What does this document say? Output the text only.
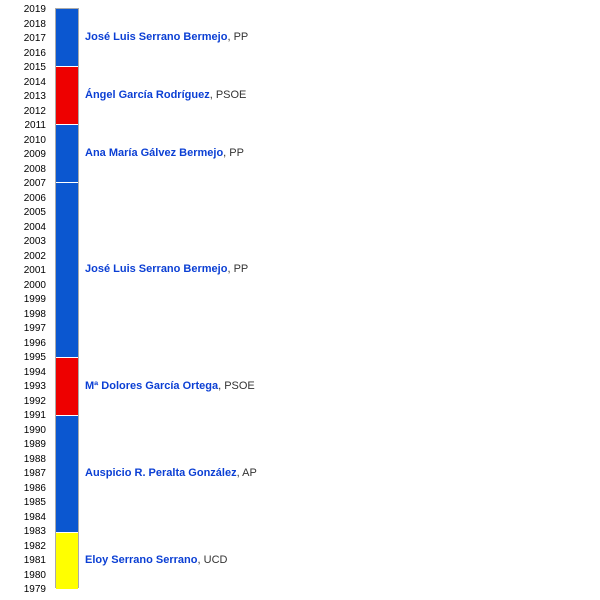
2019
2018
2017
2016
2015
2014
2013
2012
2011
2010
2009
2008
2007
2006
2005
2004
2003
2002
2001
2000
1999
1998
1997
1996
1995
1994
1993
1992
1991
1990
1989
1988
1987
1986
1985
1984
1983
1982
1981
1980
1979
José Luis Serrano Bermejo, PP
Ángel García Rodríguez, PSOE
Ana María Gálvez Bermejo, PP
José Luis Serrano Bermejo, PP
Mª Dolores García Ortega, PSOE
Auspicio R. Peralta González, AP
Eloy Serrano Serrano, UCD
